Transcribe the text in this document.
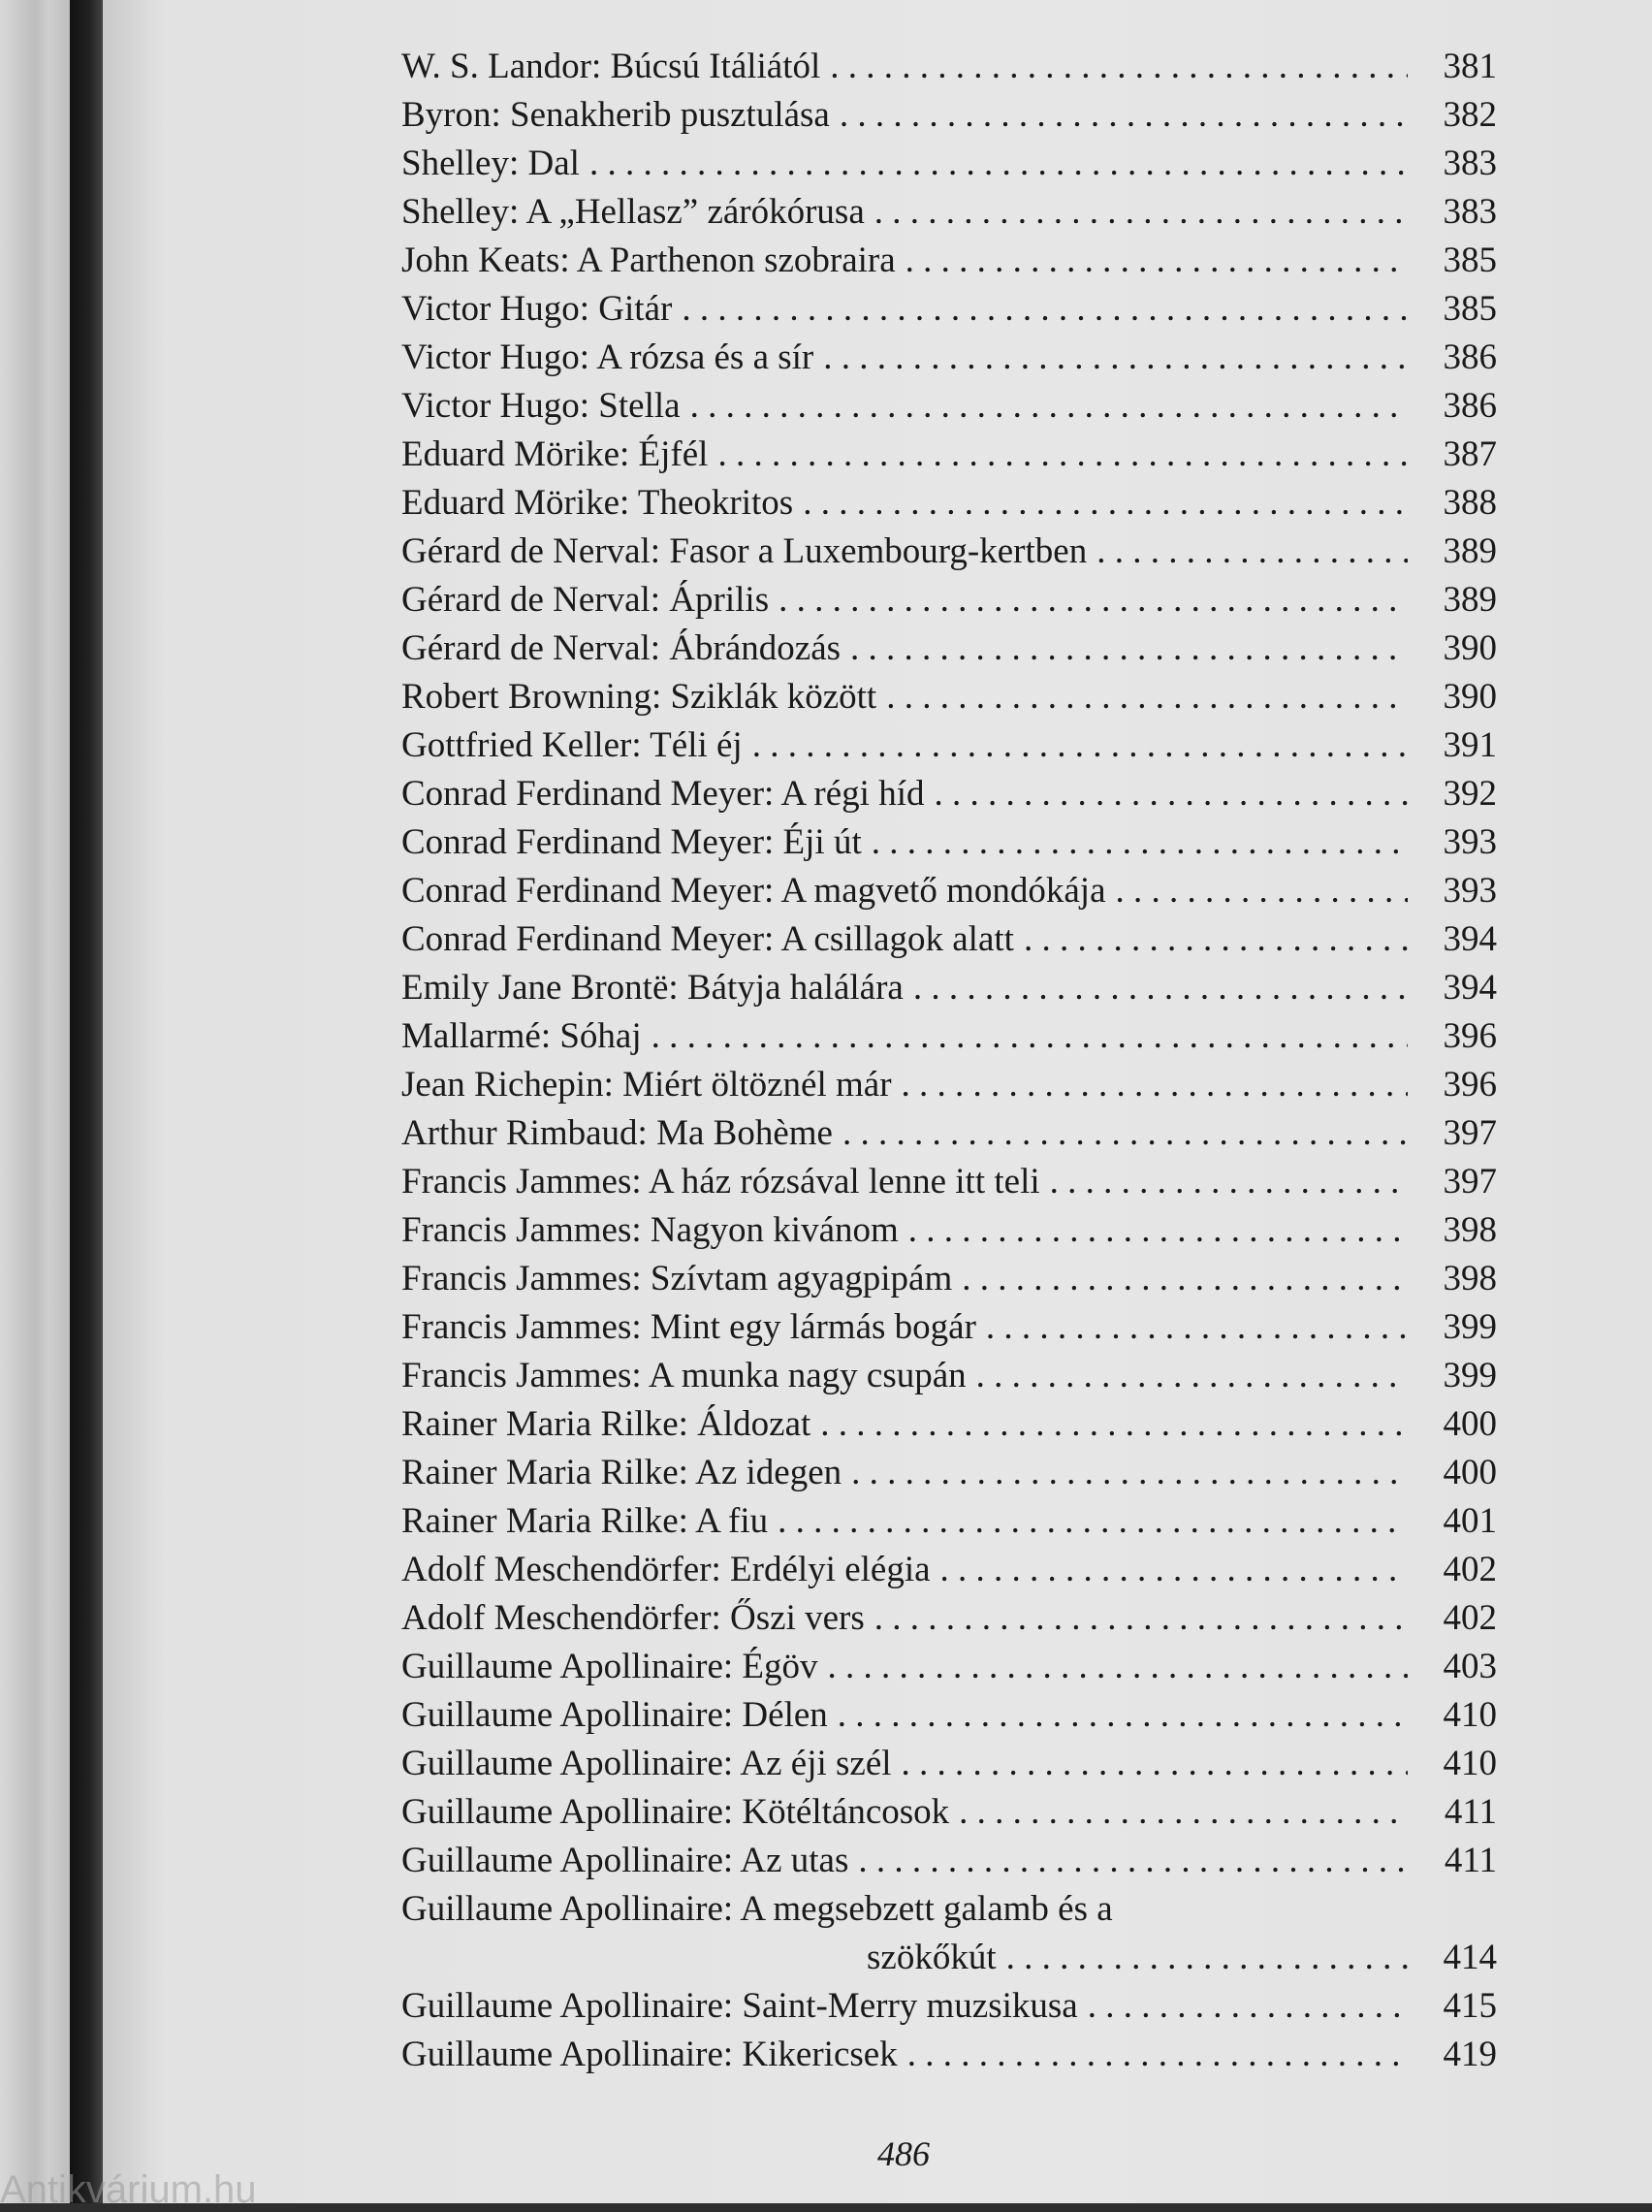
W. S. Landor: Búcsú Itáliától . . .	381
Byron: Senakherib pusztulása . . .	382
Shelley: Dal . . .	383
Shelley: A „Hellasz” zárókórusa . . .	383
John Keats: A Parthenon szobraira . . .	385
Victor Hugo: Gitár . . .	385
Victor Hugo: A rózsa és a sír . . .	386
Victor Hugo: Stella . . .	386
Eduard Mörike: Éjfél . . .	387
Eduard Mörike: Theokritos . . .	388
Gérard de Nerval: Fasor a Luxembourg-kertben . . .	389
Gérard de Nerval: Április . . .	389
Gérard de Nerval: Ábrándozás . . .	390
Robert Browning: Sziklák között . . .	390
Gottfried Keller: Téli éj . . .	391
Conrad Ferdinand Meyer: A régi híd . . .	392
Conrad Ferdinand Meyer: Éji út . . .	393
Conrad Ferdinand Meyer: A magvető mondókája . . .	393
Conrad Ferdinand Meyer: A csillagok alatt . . .	394
Emily Jane Brontë: Bátyja halálára . . .	394
Mallarmé: Sóhaj . . .	396
Jean Richepin: Miért öltöznél már . . .	396
Arthur Rimbaud: Ma Bohème . . .	397
Francis Jammes: A ház rózsával lenne itt teli . . .	397
Francis Jammes: Nagyon kivánom . . .	398
Francis Jammes: Szívtam agyagpipám . . .	398
Francis Jammes: Mint egy lármás bogár . . .	399
Francis Jammes: A munka nagy csupán . . .	399
Rainer Maria Rilke: Áldozat . . .	400
Rainer Maria Rilke: Az idegen . . .	400
Rainer Maria Rilke: A fiu . . .	401
Adolf Meschendörfer: Erdélyi elégia . . .	402
Adolf Meschendörfer: Őszi vers . . .	402
Guillaume Apollinaire: Égöv . . .	403
Guillaume Apollinaire: Délen . . .	410
Guillaume Apollinaire: Az éji szél . . .	410
Guillaume Apollinaire: Kötéltáncosok . . .	411
Guillaume Apollinaire: Az utas . . .	411
Guillaume Apollinaire: A megsebzett galamb és a
szökőkút . . .	414
Guillaume Apollinaire: Saint-Merry muzsikusa . . .	415
Guillaume Apollinaire: Kikericsek . . .	419
486
Antikvárium.hu
